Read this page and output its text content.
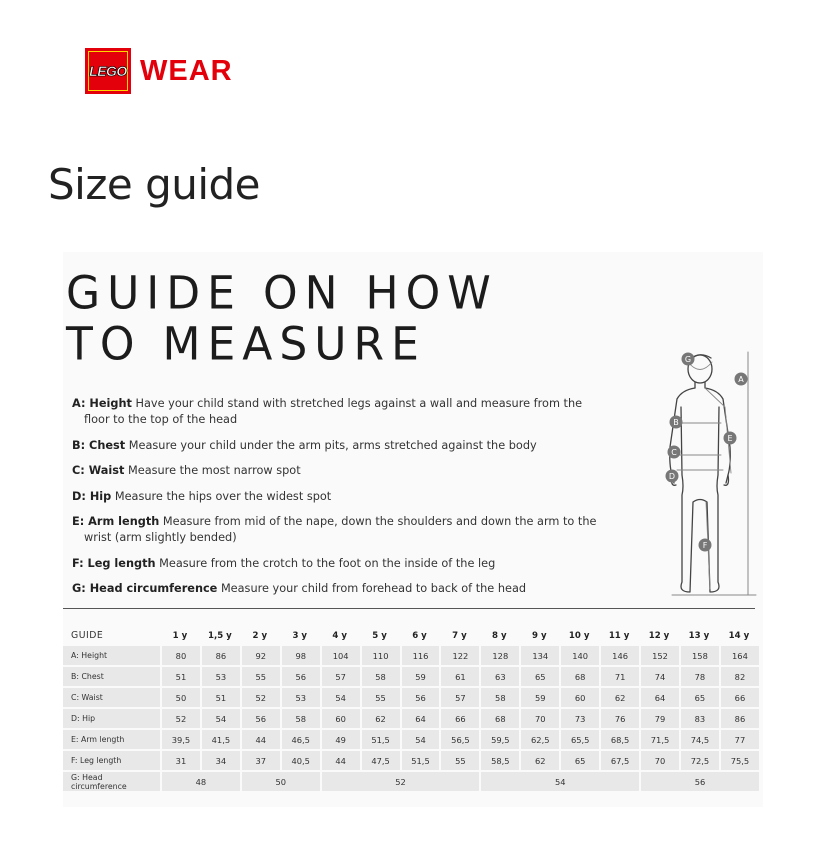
LEGO WEAR
Size guide
GUIDE ON HOW
TO MEASURE
A: Height Have your child stand with stretched legs against a wall and measure from the floor to the top of the head
B: Chest Measure your child under the arm pits, arms stretched against the body
C: Waist Measure the most narrow spot
D: Hip Measure the hips over the widest spot
E: Arm length Measure from mid of the nape, down the shoulders and down the arm to the wrist (arm slightly bended)
F: Leg length Measure from the crotch to the foot on the inside of the leg
G: Head circumference Measure your child from forehead to back of the head
G
A
B
E
C
D
F
GUIDE	1 y	1,5 y	2 y	3 y	4 y	5 y	6 y	7 y	8 y	9 y	10 y	11 y	12 y	13 y	14 y
A: Height	80	86	92	98	104	110	116	122	128	134	140	146	152	158	164
B: Chest	51	53	55	56	57	58	59	61	63	65	68	71	74	78	82
C: Waist	50	51	52	53	54	55	56	57	58	59	60	62	64	65	66
D: Hip	52	54	56	58	60	62	64	66	68	70	73	76	79	83	86
E: Arm length	39,5	41,5	44	46,5	49	51,5	54	56,5	59,5	62,5	65,5	68,5	71,5	74,5	77
F: Leg length	31	34	37	40,5	44	47,5	51,5	55	58,5	62	65	67,5	70	72,5	75,5
G: Head circumference	48		50		52				54				56		
